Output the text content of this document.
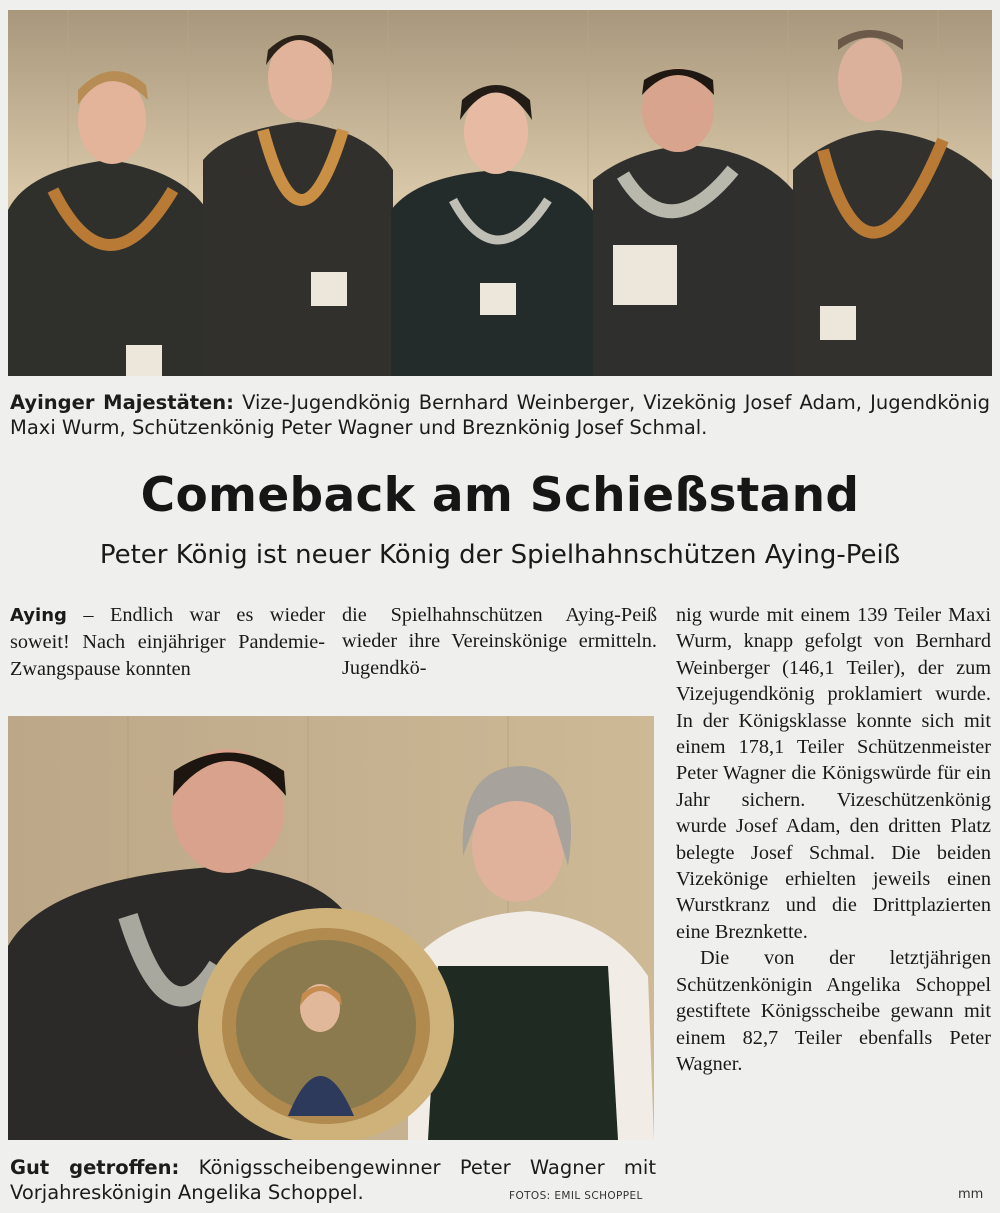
Ayinger Majestäten: Vize-Jugendkönig Bernhard Weinberger, Vizekönig Josef Adam, Jugendkönig Maxi Wurm, Schützenkönig Peter Wagner und Breznkönig Josef Schmal.
Comeback am Schießstand
Peter König ist neuer König der Spielhahnschützen Aying-Peiß

Aying – Endlich war es wieder soweit! Nach einjähriger Pandemie-Zwangspause konnten

die Spielhahnschützen Aying-Peiß wieder ihre Vereinskönige ermitteln. Jugendkö-

nig wurde mit einem 139 Teiler Maxi Wurm, knapp gefolgt von Bernhard Weinberger (146,1 Teiler), der zum Vizejugendkönig proklamiert wurde. In der Königsklasse konnte sich mit einem 178,1 Teiler Schützenmeister Peter Wagner die Königswürde für ein Jahr sichern. Vizeschützenkönig wurde Josef Adam, den dritten Platz belegte Josef Schmal. Die beiden Vizekönige erhielten jeweils einen Wurstkranz und die Drittplazierten eine Breznkette.

Die von der letztjährigen Schützenkönigin Angelika Schoppel gestiftete Königsscheibe gewann mit einem 82,7 Teiler ebenfalls Peter Wagner.

Gut getroffen: Königsscheibengewinner Peter Wagner mit Vorjahreskönigin Angelika Schoppel.	FOTOS: EMIL SCHOPPEL	mm
